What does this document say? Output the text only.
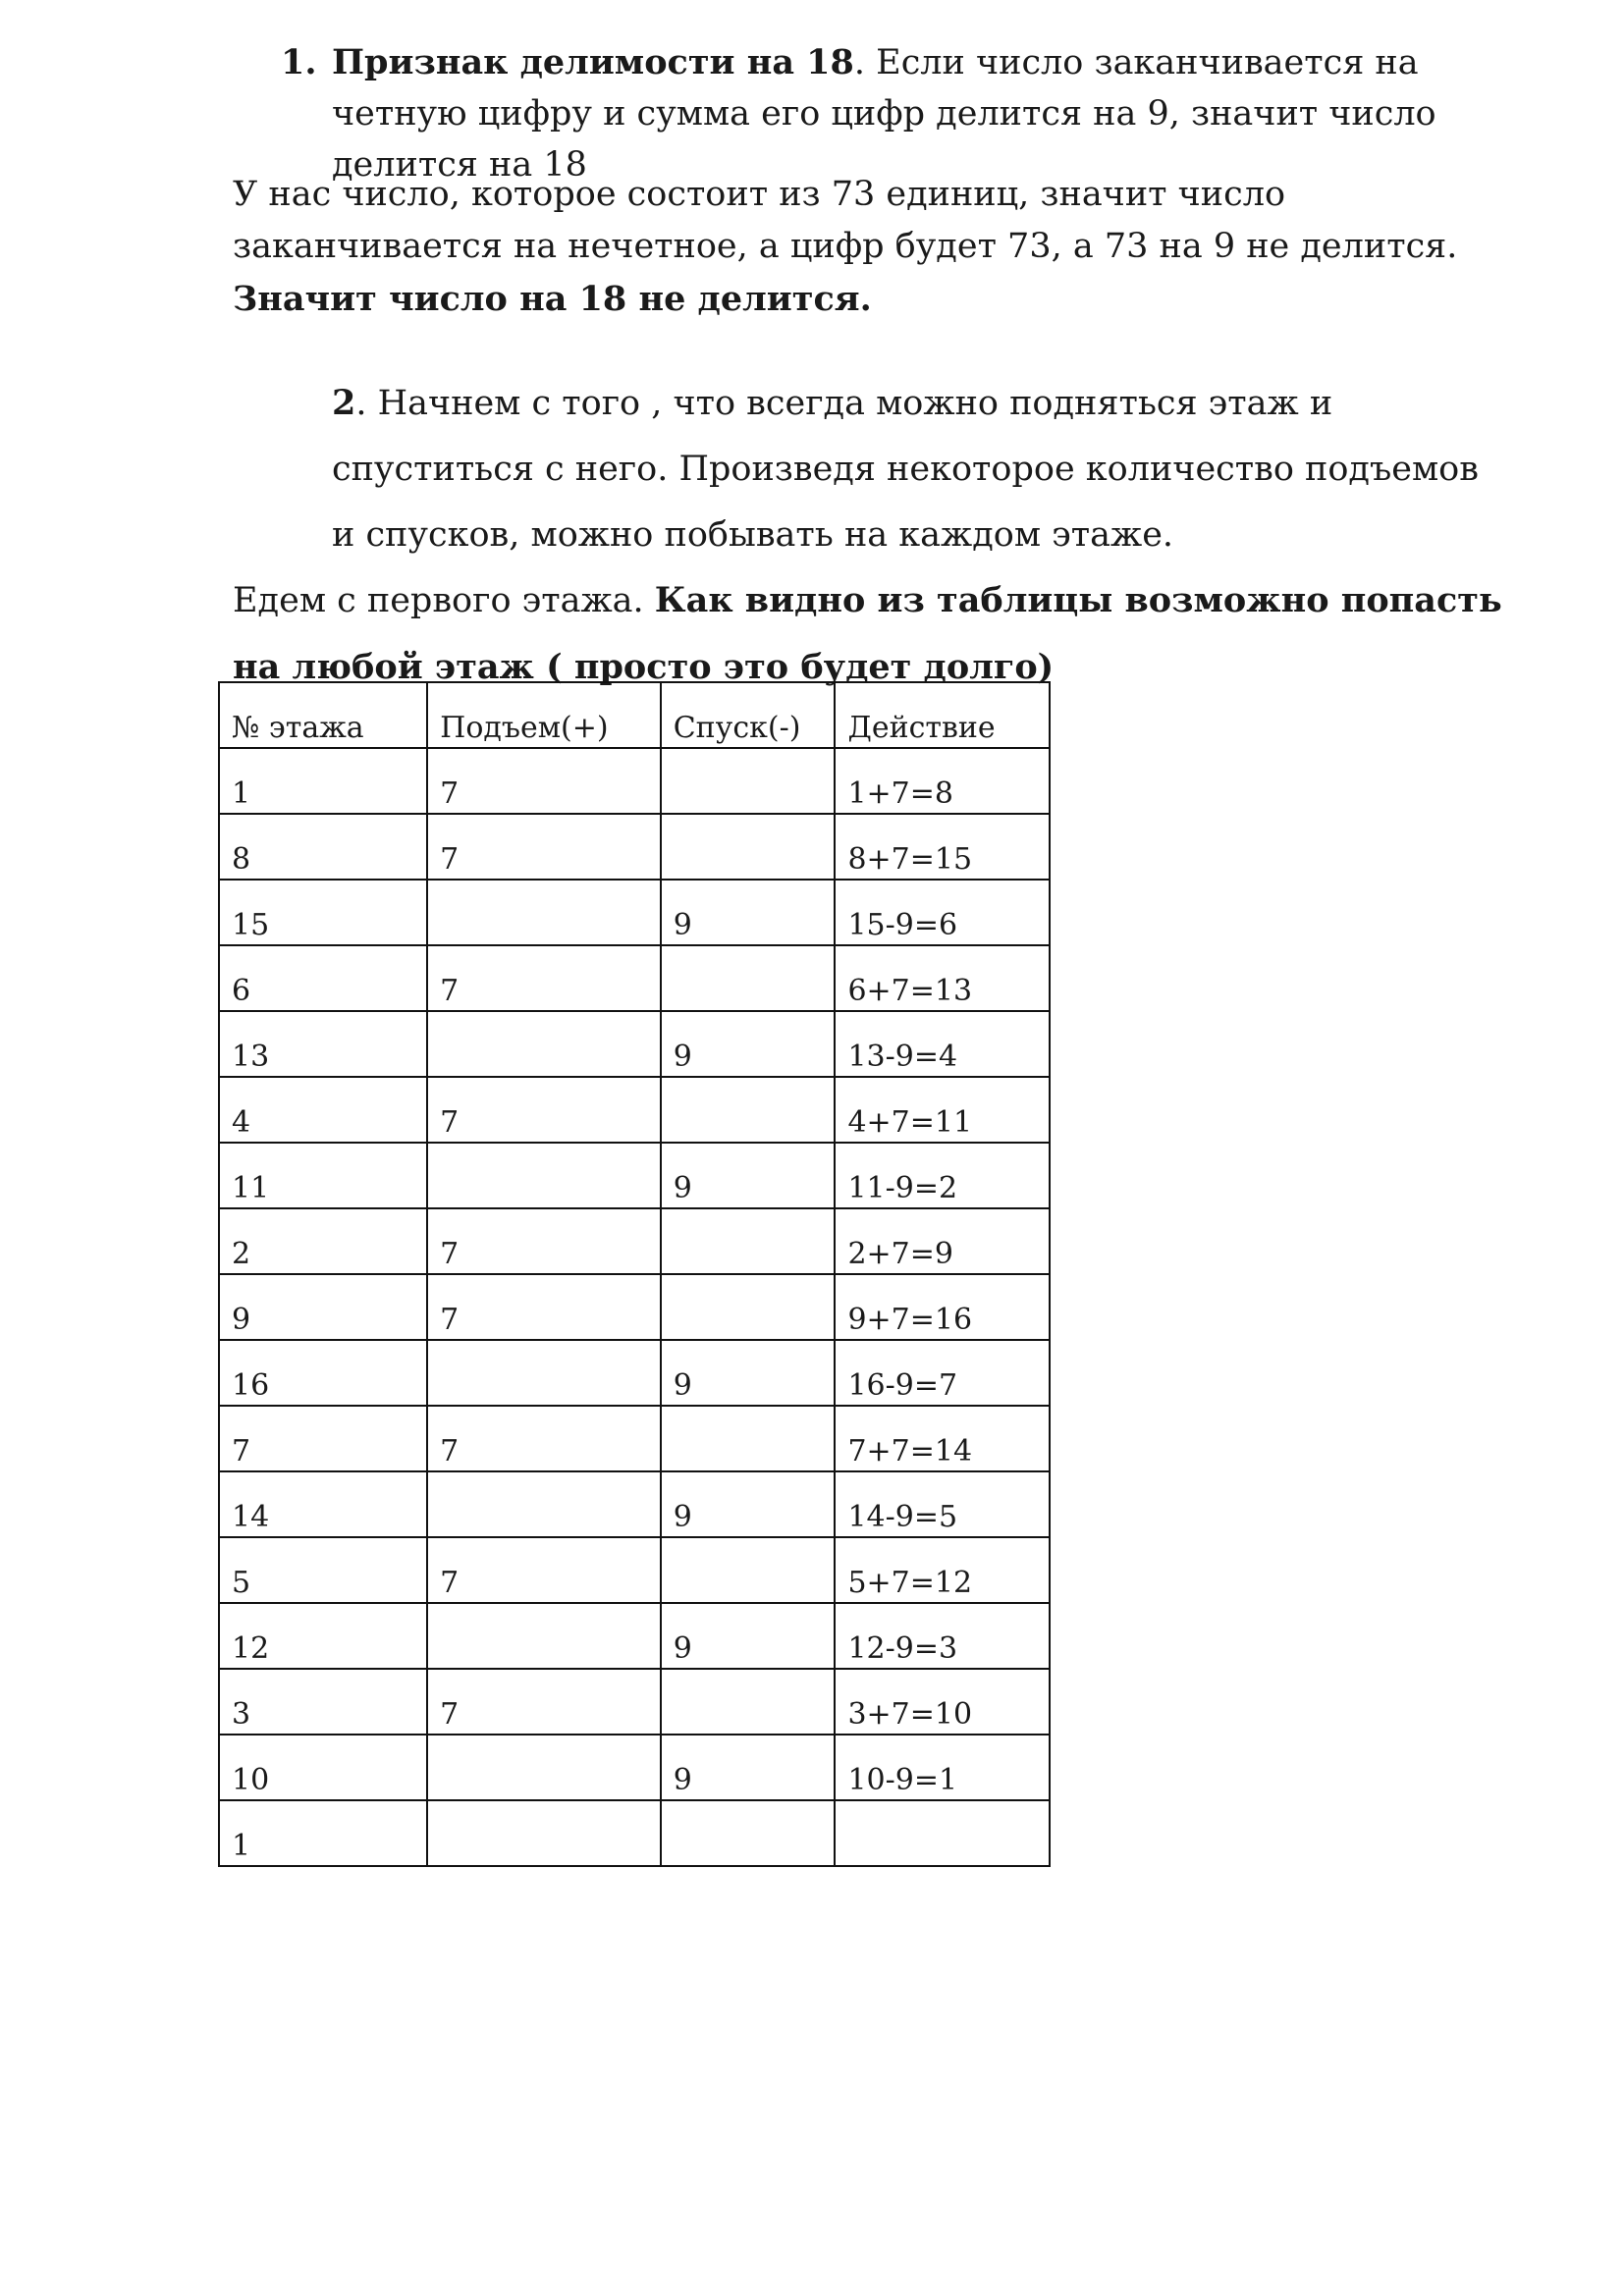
1. Признак делимости на 18. Если число заканчивается на четную цифру и сумма его цифр делится на 9, значит число делится на 18
У нас число, которое состоит из 73 единиц, значит число заканчивается на нечетное, а цифр будет 73, а 73 на 9 не делится. Значит число на 18 не делится.
2. Начнем с того , что всегда можно подняться этаж и спуститься с него. Произведя некоторое количество подъемов и спусков, можно побывать на каждом этаже.
Едем с первого этажа. Как видно из таблицы возможно попасть на любой этаж ( просто это будет долго)
№ этажа	Подъем(+)	Спуск(-)	Действие
1	7		1+7=8
8	7		8+7=15
15		9	15-9=6
6	7		6+7=13
13		9	13-9=4
4	7		4+7=11
11		9	11-9=2
2	7		2+7=9
9	7		9+7=16
16		9	16-9=7
7	7		7+7=14
14		9	14-9=5
5	7		5+7=12
12		9	12-9=3
3	7		3+7=10
10		9	10-9=1
1			
